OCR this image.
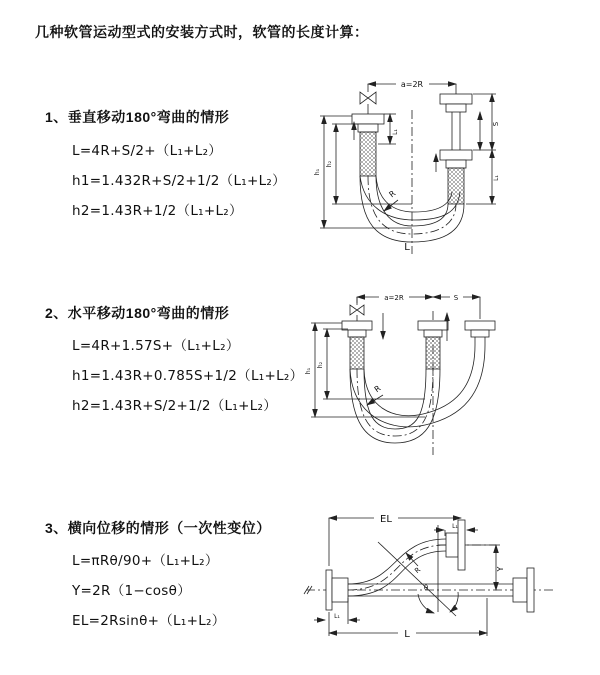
几种软管运动型式的安装方式时，软管的长度计算：
1、垂直移动180°弯曲的情形
L=4R+S/2+（L₁+L₂）
h1=1.432R+S/2+1/2（L₁+L₂）
h2=1.43R+1/2（L₁+L₂）
2、水平移动180°弯曲的情形
L=4R+1.57S+（L₁+L₂）
h1=1.43R+0.785S+1/2（L₁+L₂）
h2=1.43R+S/2+1/2（L₁+L₂）
3、横向位移的情形（一次性变位）
L=πRθ/90+（L₁+L₂）
Y=2R（1−cosθ）
EL=2Rsinθ+（L₁+L₂）
a=2R
L₁
S
L₁
R
h₁
h₂
L
a=2R	S
R
h₁
h₂
θ
R
EL
L₁
Y
L₁
L
